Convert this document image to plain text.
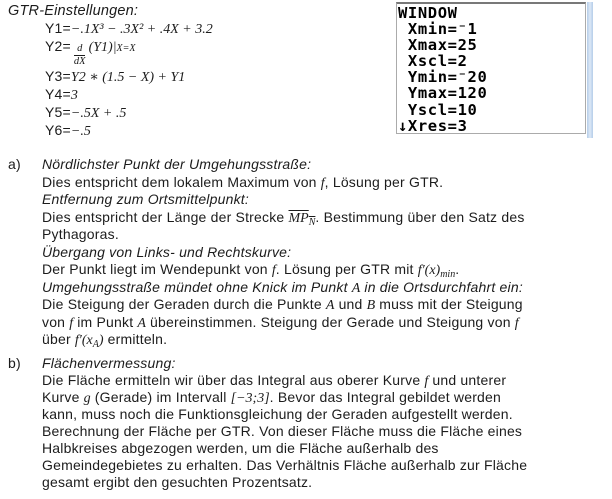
GTR-Einstellungen:
Y1= −.1X³ − .3X² + .4X + 3.2
$Y2= \frac{d}{dX} (Y1)|$ X=X
Y3= Y2 ∗ (1.5 − X) + Y1
Y4= 3
Y5= −.5X + .5
Y6= −.5
WINDOW
Xmin=⁻1
Xmax=25
Xscl=2
Ymin=⁻20
Ymax=120
Yscl=10
↓Xres=3
a) Nördlichster Punkt der Umgehungsstraße:
Dies entspricht dem lokalem Maximum von f, Lösung per GTR.
Entfernung zum Ortsmittelpunkt:
Dies entspricht der Länge der Strecke $MP_N$. Bestimmung über den Satz des
Pythagoras.
Übergang von Links- und Rechtskurve:
Der Punkt liegt im Wendepunkt von f. Lösung per GTR mit $f'(x)_{min}$.
Umgehungsstraße mündet ohne Knick im Punkt A in die Ortsdurchfahrt ein:
Die Steigung der Geraden durch die Punkte A und B muss mit der Steigung
von f im Punkt A übereinstimmen. Steigung der Gerade und Steigung von f
über $f'(x_A)$ ermitteln.
b) Flächenvermessung:
Die Fläche ermitteln wir über das Integral aus oberer Kurve f und unterer
Kurve g (Gerade) im Intervall [−3;3]. Bevor das Integral gebildet werden
kann, muss noch die Funktionsgleichung der Geraden aufgestellt werden.
Berechnung der Fläche per GTR. Von dieser Fläche muss die Fläche eines
Halbkreises abgezogen werden, um die Fläche außerhalb des
Gemeindegebietes zu erhalten. Das Verhältnis Fläche außerhalb zur Fläche
gesamt ergibt den gesuchten Prozentsatz.
